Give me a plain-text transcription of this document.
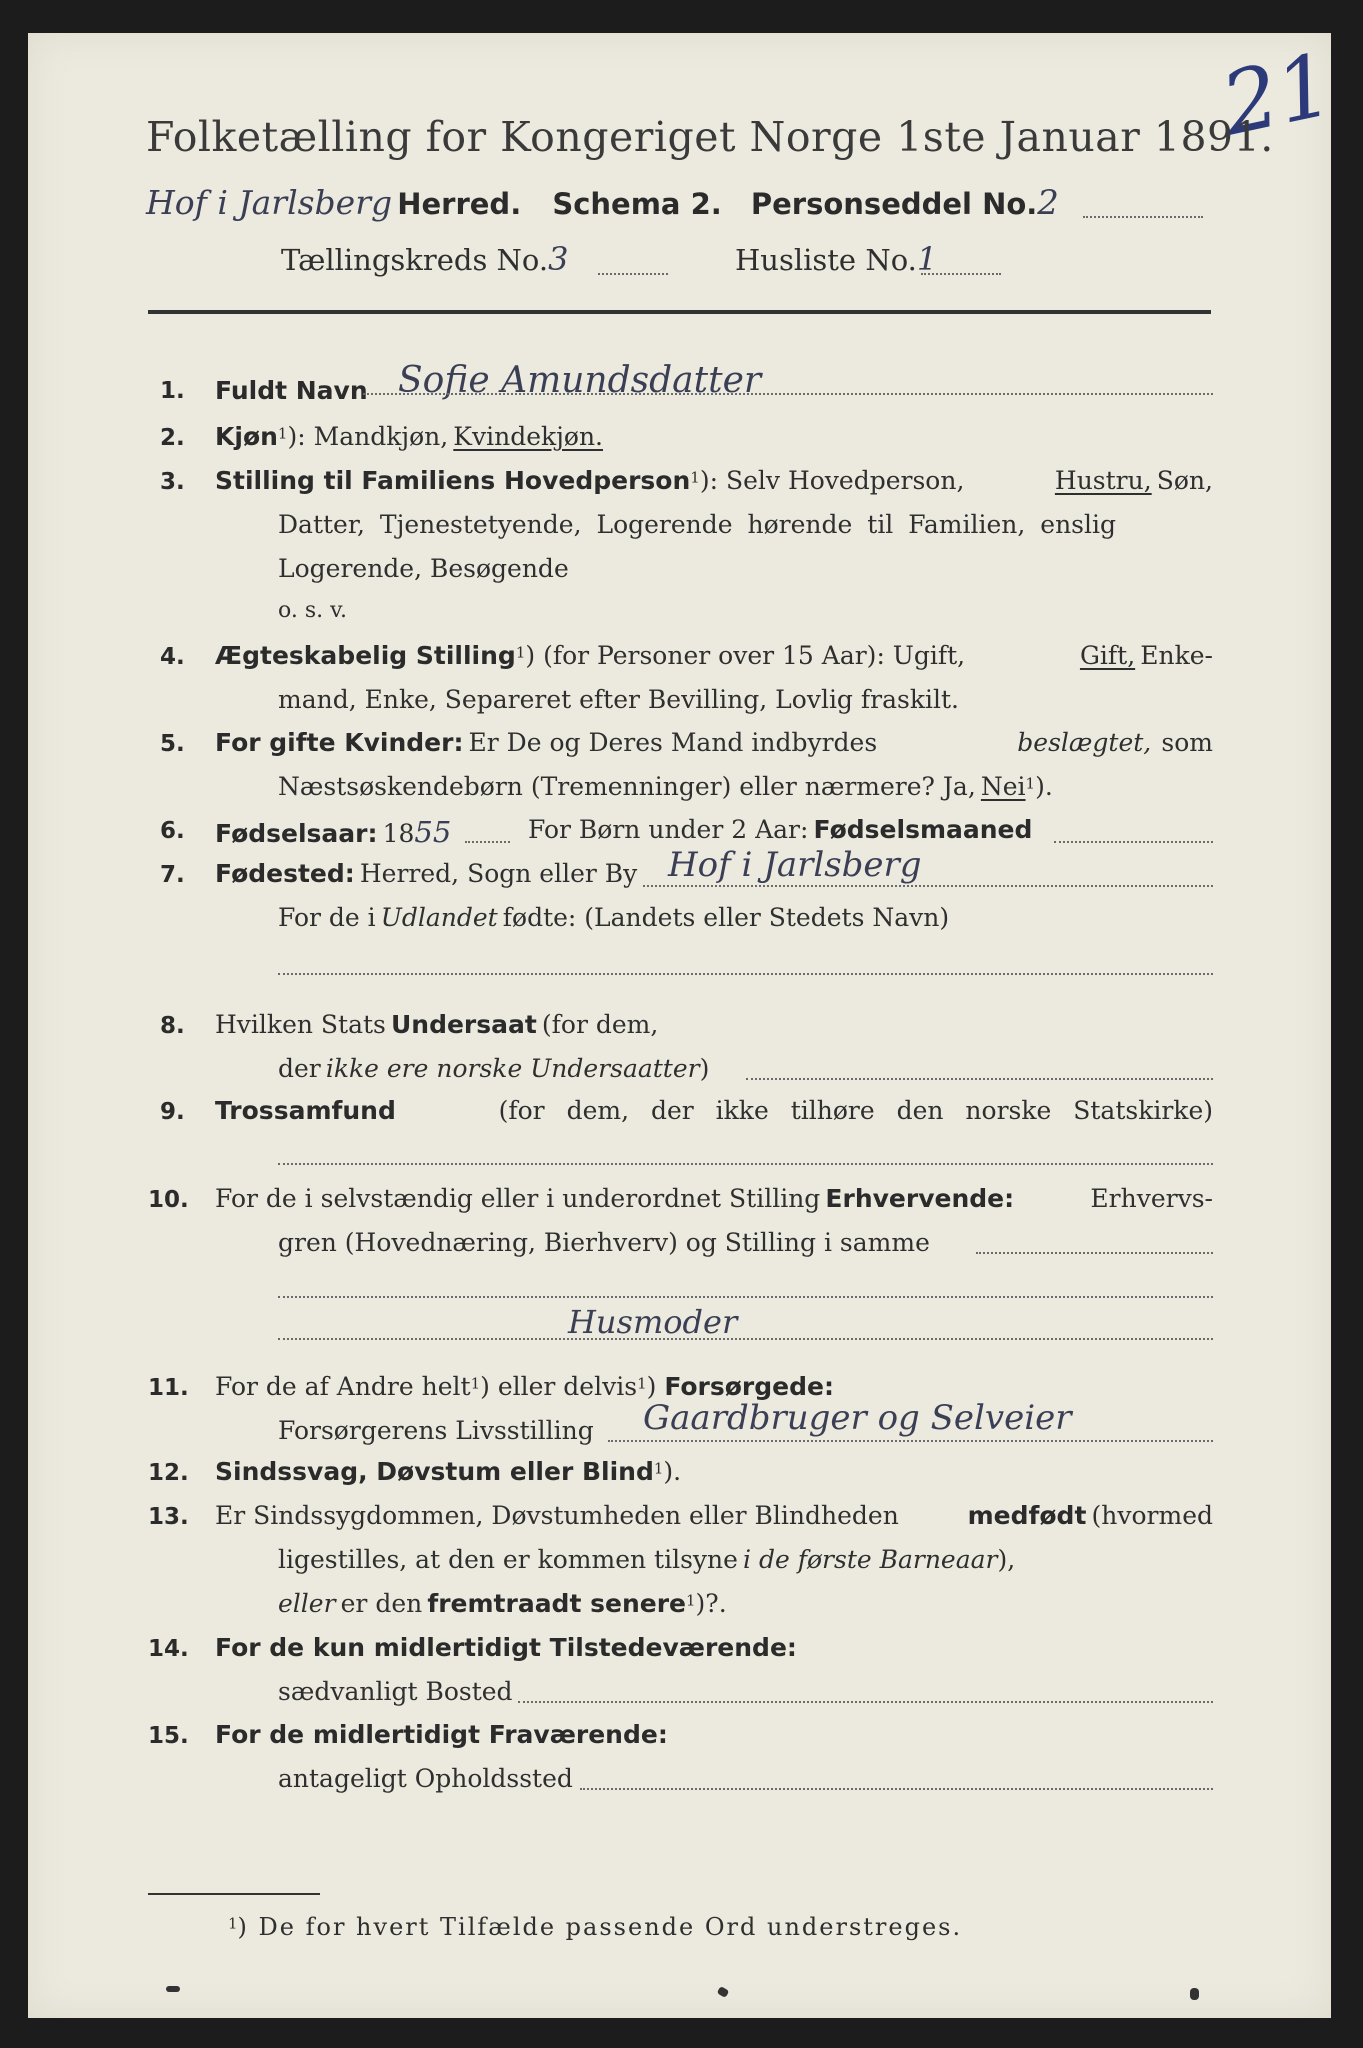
21
Folketælling for Kongeriget Norge 1ste Januar 1891.
Hof i Jarlsberg Herred. Schema 2. Personseddel No.2
Tællingskreds No.3	Husliste No.1
1. Fuldt Navn Sofie Amundsdatter
2. Kjøn$^1$): Mandkjøn, Kvindekjøn.
3. Stilling til Familiens Hovedperson$^1$): Selv Hovedperson,	Hustru, Søn,
Datter, Tjenestetyende, Logerende hørende til Familien, enslig
Logerende, Besøgende
o. s. v.
4. Ægteskabelig Stilling$^1$) (for Personer over 15 Aar): Ugift,	Gift, Enke-
mand, Enke, Separeret efter Bevilling, Lovlig fraskilt.
5. For gifte Kvinder: Er De og Deres Mand indbyrdes	beslægtet, som
Næstsøskendebørn (Tremenninger) eller nærmere? Ja, Nei$^1$).
6. Fødselsaar: 1855	For Børn under 2 Aar: Fødselsmaaned
7. Fødested: Herred, Sogn eller By Hof i Jarlsberg
For de i Udlandet fødte: (Landets eller Stedets Navn)
8. Hvilken Stats Undersaat (for dem,
der ikke ere norske Undersaatter)
9. Trossamfund	(for dem, der ikke tilhøre den norske Statskirke)
10. For de i selvstændig eller i underordnet Stilling Erhvervende:	Erhvervs-
gren (Hovednæring, Bierhverv) og Stilling i samme
Husmoder
11. For de af Andre helt$^1$) eller delvis$^1$) Forsørgede:
Forsørgerens Livsstilling Gaardbruger og Selveier
12. Sindssvag, Døvstum eller Blind$^1$).
13. Er Sindssygdommen, Døvstumheden eller Blindheden	medfødt (hvormed
ligestilles, at den er kommen tilsyne i de første Barneaar),
eller er den fremtraadt senere$^1$)?.
14. For de kun midlertidigt Tilstedeværende:
sædvanligt Bosted
15. For de midlertidigt Fraværende:
antageligt Opholdssted
$^1$) De for hvert Tilfælde passende Ord understreges.
